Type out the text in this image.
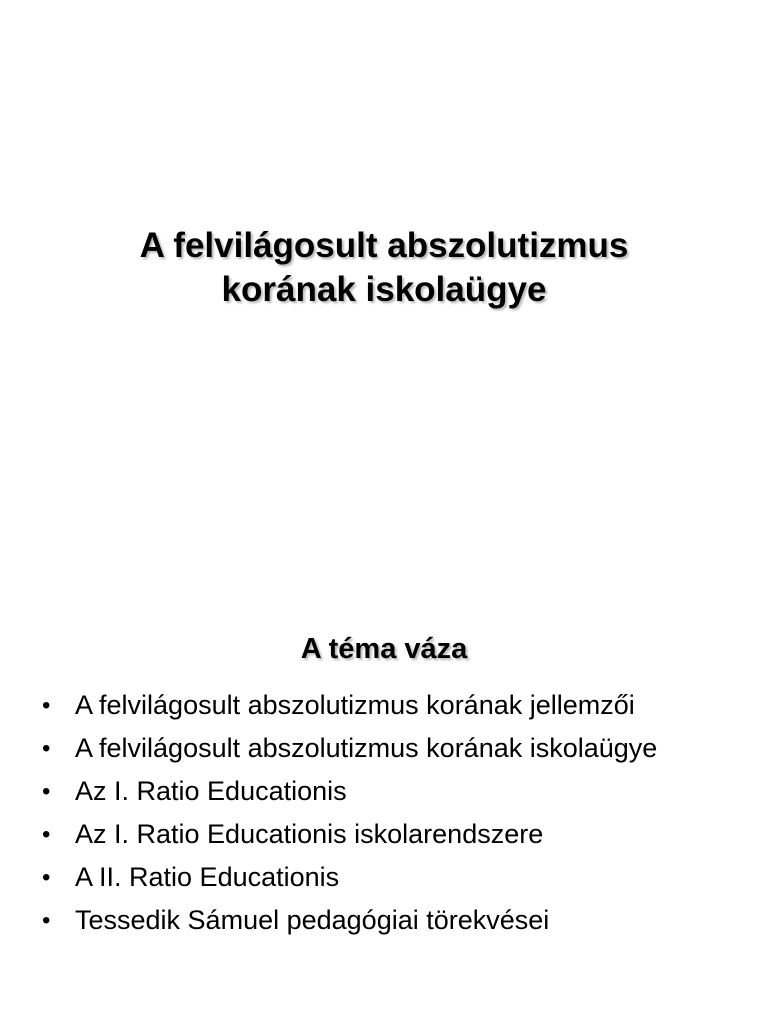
A felvilágosult abszolutizmus
korának iskolaügye
A téma váza
• A felvilágosult abszolutizmus korának jellemzői
• A felvilágosult abszolutizmus korának iskolaügye
• Az I. Ratio Educationis
• Az I. Ratio Educationis iskolarendszere
• A II. Ratio Educationis
• Tessedik Sámuel pedagógiai törekvései
